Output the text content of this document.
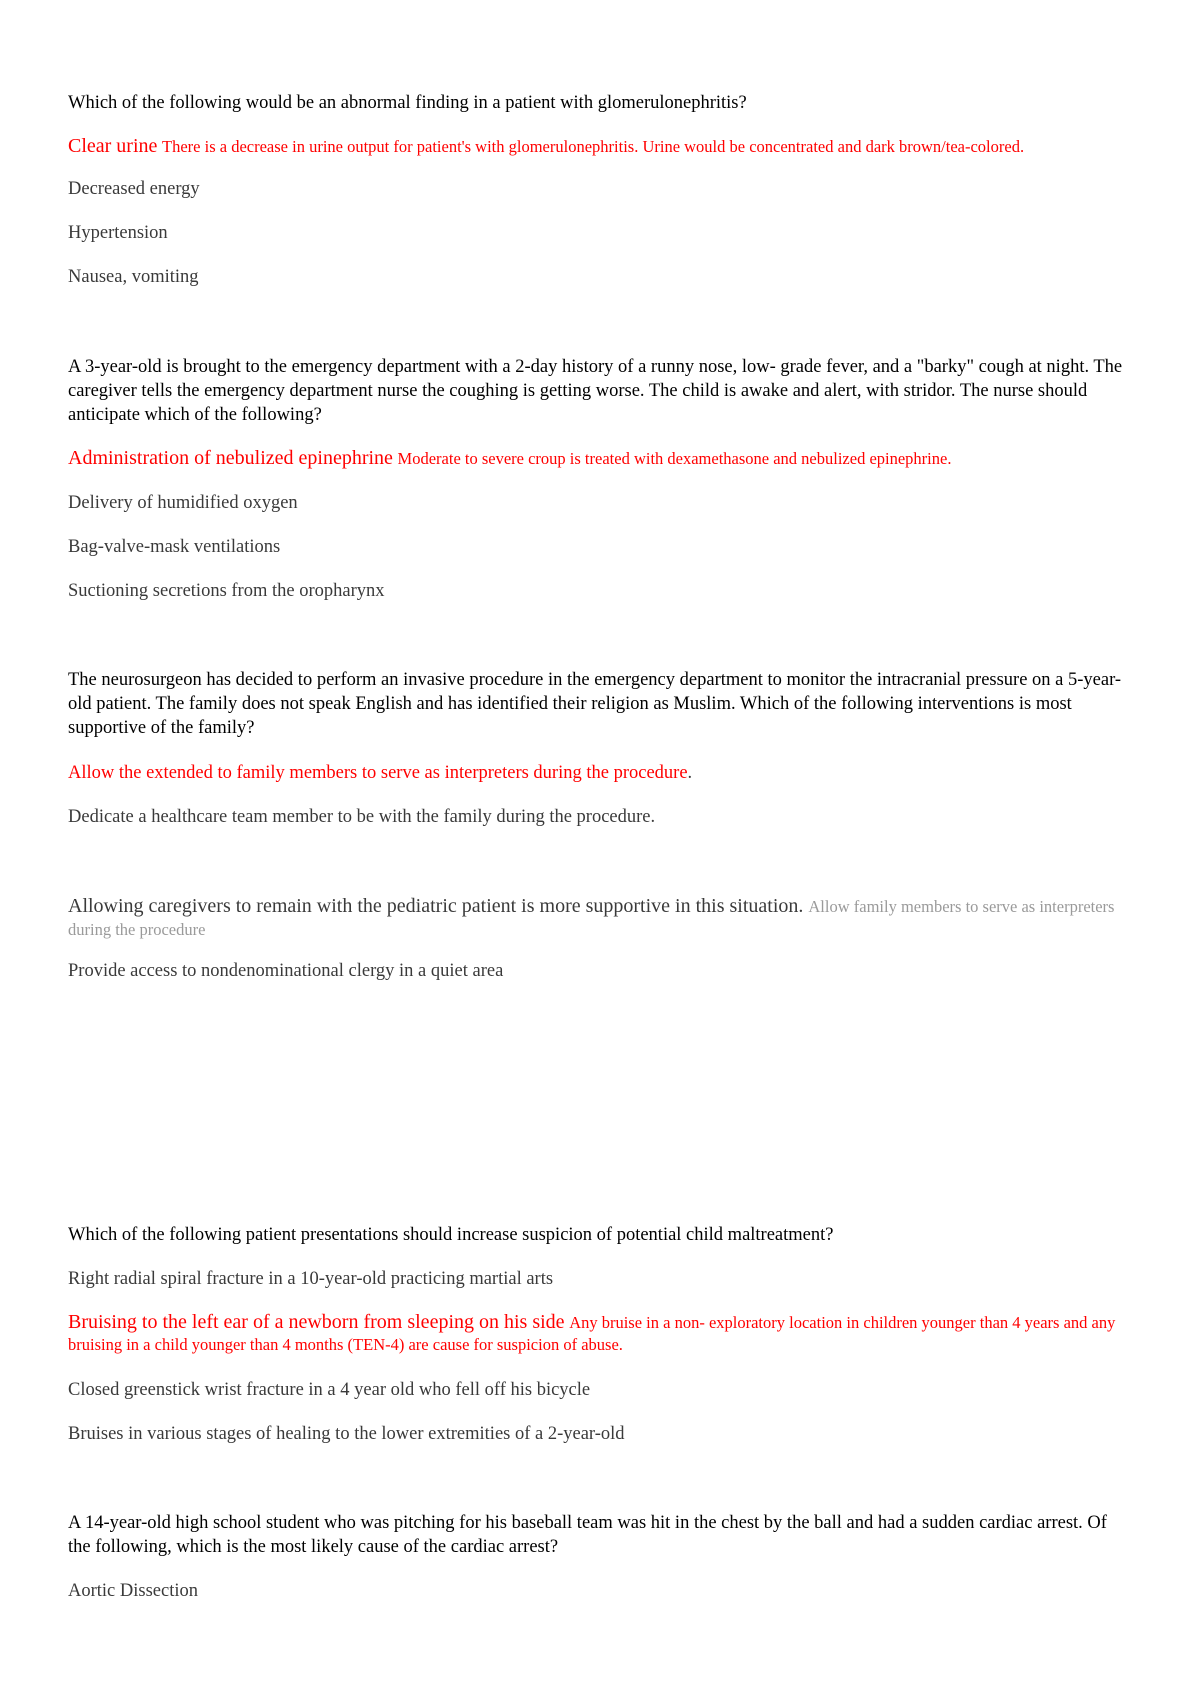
Which of the following would be an abnormal finding in a patient with glomerulonephritis?

Clear urine There is a decrease in urine output for patient's with glomerulonephritis. Urine would be concentrated and dark brown/tea-colored.

Decreased energy

Hypertension

Nausea, vomiting

A 3-year-old is brought to the emergency department with a 2-day history of a runny nose, low- grade fever, and a "barky" cough at night. The caregiver tells the emergency department nurse the coughing is getting worse. The child is awake and alert, with stridor. The nurse should anticipate which of the following?

Administration of nebulized epinephrine Moderate to severe croup is treated with dexamethasone and nebulized epinephrine.

Delivery of humidified oxygen

Bag-valve-mask ventilations

Suctioning secretions from the oropharynx

The neurosurgeon has decided to perform an invasive procedure in the emergency department to monitor the intracranial pressure on a 5-year-old patient. The family does not speak English and has identified their religion as Muslim. Which of the following interventions is most supportive of the family?

Allow the extended to family members to serve as interpreters during the procedure.

Dedicate a healthcare team member to be with the family during the procedure.

Allowing caregivers to remain with the pediatric patient is more supportive in this situation. Allow family members to serve as interpreters during the procedure

Provide access to nondenominational clergy in a quiet area

Which of the following patient presentations should increase suspicion of potential child maltreatment?

Right radial spiral fracture in a 10-year-old practicing martial arts

Bruising to the left ear of a newborn from sleeping on his side Any bruise in a non- exploratory location in children younger than 4 years and any bruising in a child younger than 4 months (TEN-4) are cause for suspicion of abuse.

Closed greenstick wrist fracture in a 4 year old who fell off his bicycle

Bruises in various stages of healing to the lower extremities of a 2-year-old

A 14-year-old high school student who was pitching for his baseball team was hit in the chest by the ball and had a sudden cardiac arrest. Of the following, which is the most likely cause of the cardiac arrest?

Aortic Dissection
